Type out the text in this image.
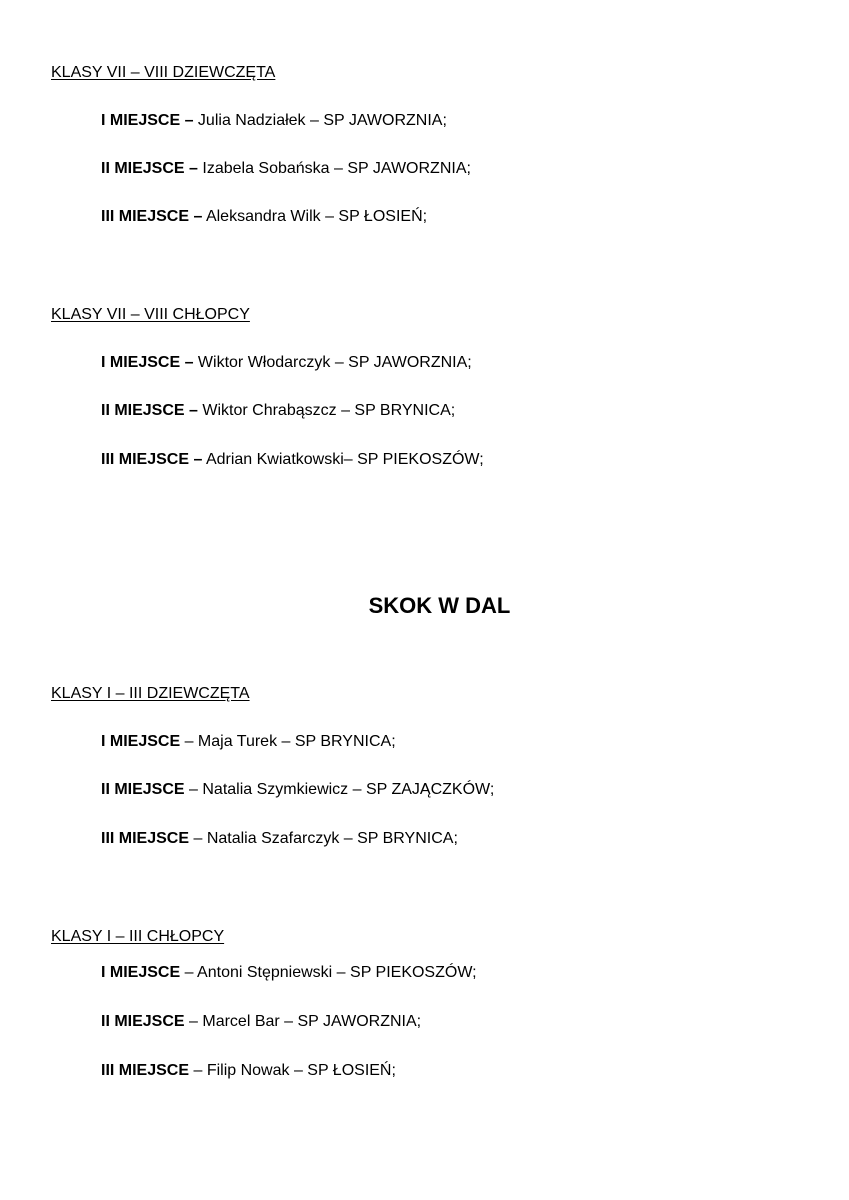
KLASY VII – VIII DZIEWCZĘTA
I MIEJSCE – Julia Nadziałek – SP JAWORZNIA;
II MIEJSCE – Izabela Sobańska – SP JAWORZNIA;
III MIEJSCE – Aleksandra Wilk – SP ŁOSIEŃ;
KLASY VII – VIII CHŁOPCY
I MIEJSCE – Wiktor Włodarczyk – SP JAWORZNIA;
II MIEJSCE – Wiktor Chrabąszcz – SP BRYNICA;
III MIEJSCE – Adrian Kwiatkowski– SP PIEKOSZÓW;
SKOK W DAL
KLASY I – III DZIEWCZĘTA
I MIEJSCE – Maja Turek – SP BRYNICA;
II MIEJSCE – Natalia Szymkiewicz – SP ZAJĄCZKÓW;
III MIEJSCE – Natalia Szafarczyk – SP BRYNICA;
KLASY I – III CHŁOPCY
I MIEJSCE – Antoni Stępniewski – SP PIEKOSZÓW;
II MIEJSCE – Marcel Bar – SP JAWORZNIA;
III MIEJSCE – Filip Nowak – SP ŁOSIEŃ;
